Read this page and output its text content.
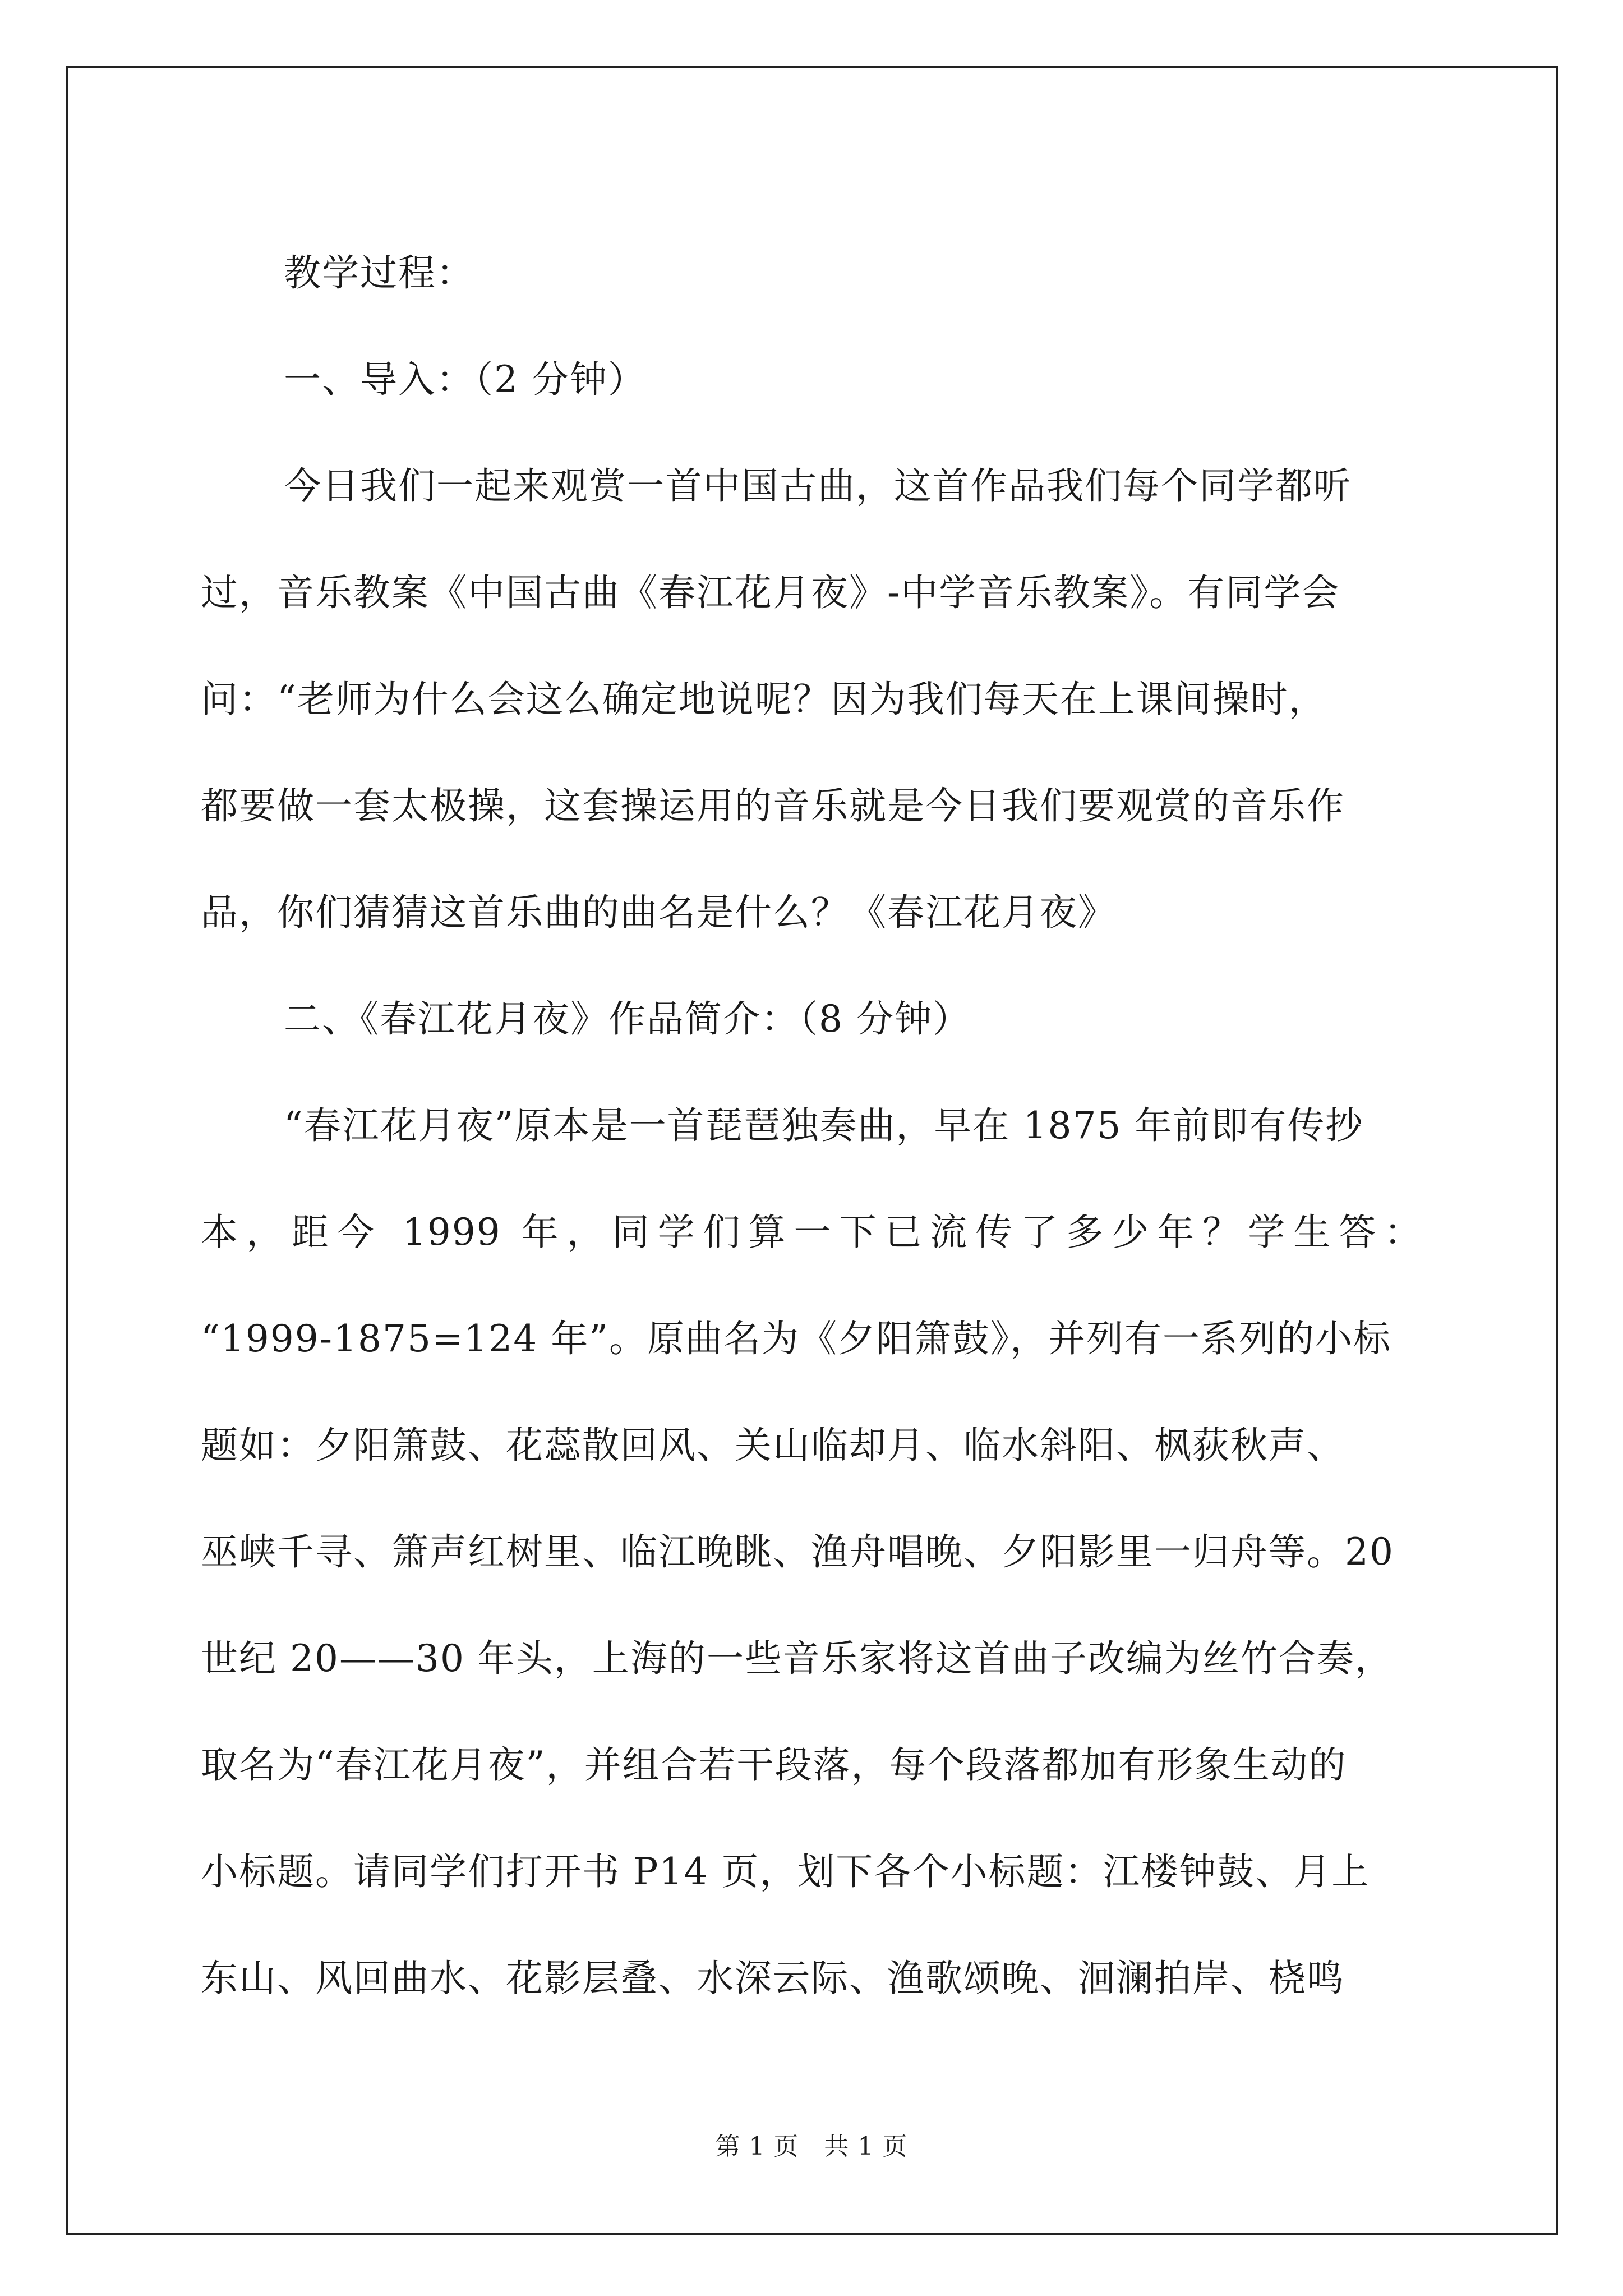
教学过程：
一、导入：（2 分钟）
今日我们一起来观赏一首中国古曲，这首作品我们每个同学都听
过，音乐教案《中国古曲《春江花月夜》-中学音乐教案》。有同学会
问：“老师为什么会这么确定地说呢？因为我们每天在上课间操时，
都要做一套太极操，这套操运用的音乐就是今日我们要观赏的音乐作
品，你们猜猜这首乐曲的曲名是什么？《春江花月夜》
二、《春江花月夜》作品简介：（8 分钟）
“春江花月夜”原本是一首琵琶独奏曲，早在 1875 年前即有传抄
本，距今 1999 年，同学们算一下已流传了多少年？学生答：
“1999-1875=124 年”。原曲名为《夕阳箫鼓》，并列有一系列的小标
题如：夕阳箫鼓、花蕊散回风、关山临却月、临水斜阳、枫荻秋声、
巫峡千寻、箫声红树里、临江晚眺、渔舟唱晚、夕阳影里一归舟等。20
世纪 20——30 年头，上海的一些音乐家将这首曲子改编为丝竹合奏，
取名为“春江花月夜”，并组合若干段落，每个段落都加有形象生动的
小标题。请同学们打开书 P14 页，划下各个小标题：江楼钟鼓、月上
东山、风回曲水、花影层叠、水深云际、渔歌颂晚、洄澜拍岸、桡鸣
第 1 页　共 1 页
